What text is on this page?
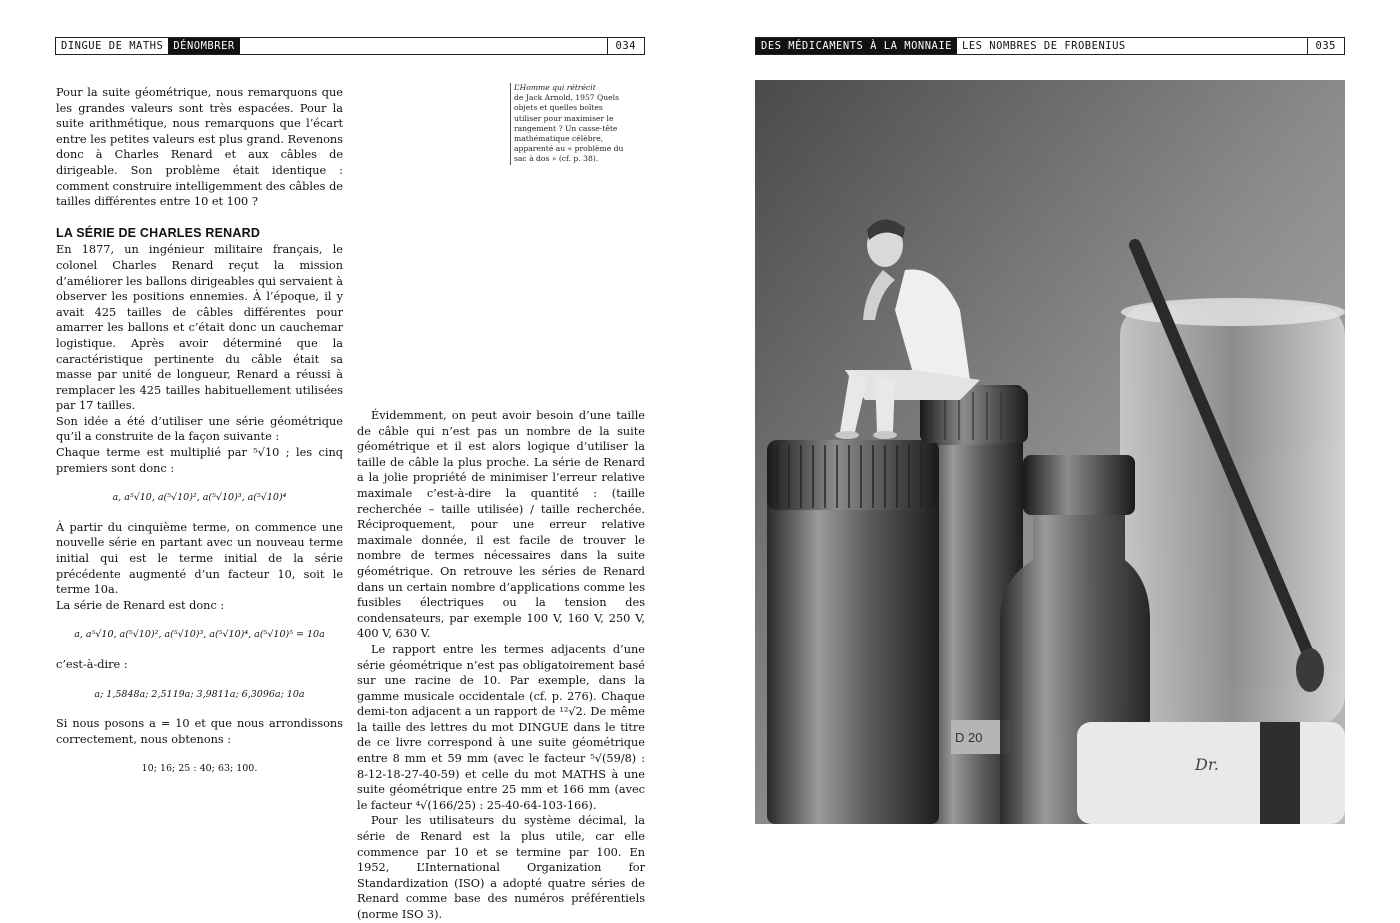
DINGUE DE MATHS DÉNOMBRER	034	DES MÉDICAMENTS À LA MONNAIE LES NOMBRES DE FROBENIUS	035

Pour la suite géométrique, nous remarquons que les grandes valeurs sont très espacées. Pour la suite arithmétique, nous remarquons que l’écart entre les petites valeurs est plus grand. Revenons donc à Charles Renard et aux câbles de dirigeable. Son problème était identique : comment construire intelligemment des câbles de tailles différentes entre 10 et 100 ?

LA SÉRIE DE CHARLES RENARD

En 1877, un ingénieur militaire français, le colonel Charles Renard reçut la mission d’améliorer les ballons dirigeables qui servaient à observer les positions ennemies. À l’époque, il y avait 425 tailles de câbles différentes pour amarrer les ballons et c’était donc un cauchemar logistique. Après avoir déterminé que la caractéristique pertinente du câble était sa masse par unité de longueur, Renard a réussi à remplacer les 425 tailles habituellement utilisées par 17 tailles.

Son idée a été d’utiliser une série géométrique qu’il a construite de la façon suivante :

Chaque terme est multiplié par ⁵√10 ; les cinq premiers sont donc :

a, a⁵√10, a(⁵√10)², a(⁵√10)³, a(⁵√10)⁴

À partir du cinquième terme, on commence une nouvelle série en partant avec un nouveau terme initial qui est le terme initial de la série précédente augmenté d’un facteur 10, soit le terme 10a.

La série de Renard est donc :

a, a⁵√10, a(⁵√10)², a(⁵√10)³, a(⁵√10)⁴, a(⁵√10)⁵ = 10a

c’est-à-dire :

a; 1,5848a; 2,5119a; 3,9811a; 6,3096a; 10a

Si nous posons a = 10 et que nous arrondissons correctement, nous obtenons :

10; 16; 25 : 40; 63; 100.
L’Homme qui rétrécit
de Jack Arnold, 1957 Quels objets et quelles boîtes utiliser pour maximiser le rangement ? Un casse-tête mathématique célèbre, apparenté au « problème du sac à dos » (cf. p. 38).

Évidemment, on peut avoir besoin d’une taille de câble qui n’est pas un nombre de la suite géométrique et il est alors logique d’utiliser la taille de câble la plus proche. La série de Renard a la jolie propriété de minimiser l’erreur relative maximale c’est-à-dire la quantité : (taille recherchée – taille utilisée) / taille recherchée. Réciproquement, pour une erreur relative maximale donnée, il est facile de trouver le nombre de termes nécessaires dans la suite géométrique. On retrouve les séries de Renard dans un certain nombre d’applications comme les fusibles électriques ou la tension des condensateurs, par exemple 100 V, 160 V, 250 V, 400 V, 630 V.

Le rapport entre les termes adjacents d’une série géométrique n’est pas obligatoirement basé sur une racine de 10. Par exemple, dans la gamme musicale occidentale (cf. p. 276). Chaque demi-ton adjacent a un rapport de ¹²√2. De même la taille des lettres du mot DINGUE dans le titre de ce livre correspond à une suite géométrique entre 8 mm et 59 mm (avec le facteur ⁵√(59/8) : 8-12-18-27-40-59) et celle du mot MATHS à une suite géométrique entre 25 mm et 166 mm (avec le facteur ⁴√(166/25) : 25-40-64-103-166).

Pour les utilisateurs du système décimal, la série de Renard est la plus utile, car elle commence par 10 et se termine par 100. En 1952, L’International Organization for Standardization (ISO) a adopté quatre séries de Renard comme base des numéros préférentiels (norme ISO 3).

D 20
Dr.
